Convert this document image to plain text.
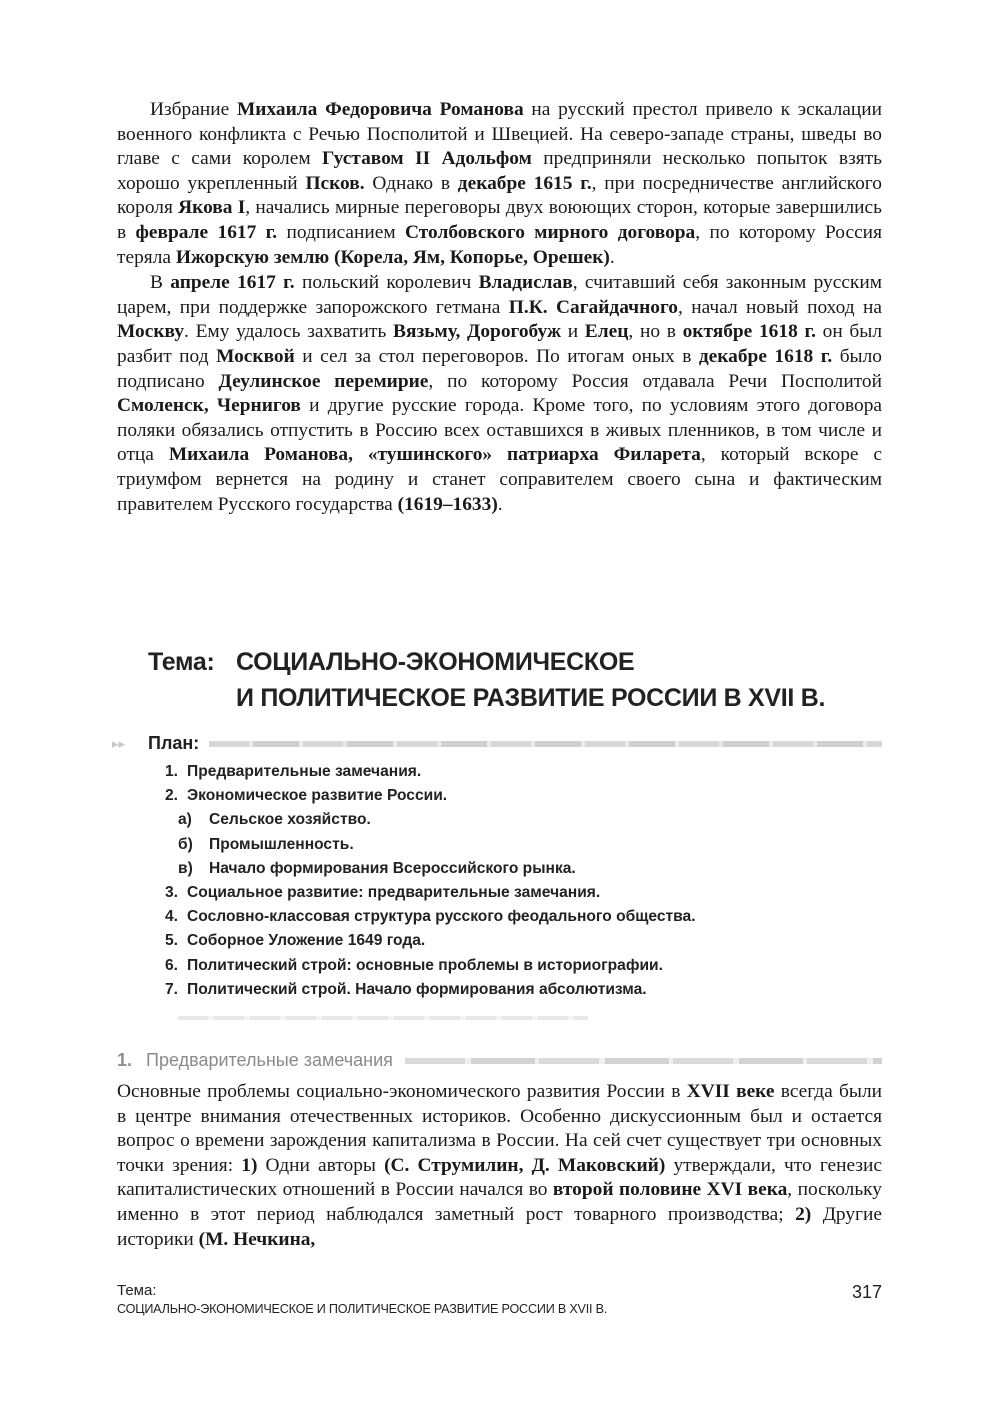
Избрание Михаила Федоровича Романова на русский престол привело к эскалации военного конфликта с Речью Посполитой и Швецией. На северо-западе страны, шведы во главе с сами королем Густавом II Адольфом предприняли несколько попыток взять хорошо укрепленный Псков. Однако в декабре 1615 г., при посредничестве английского короля Якова I, начались мирные переговоры двух воюющих сторон, которые завершились в феврале 1617 г. подписанием Столбовского мирного договора, по которому Россия теряла Ижорскую землю (Корела, Ям, Копорье, Орешек).

В апреле 1617 г. польский королевич Владислав, считавший себя законным русским царем, при поддержке запорожского гетмана П.К. Сагайдачного, начал новый поход на Москву. Ему удалось захватить Вязьму, Дорогобуж и Елец, но в октябре 1618 г. он был разбит под Москвой и сел за стол переговоров. По итогам оных в декабре 1618 г. было подписано Деулинское перемирие, по которому Россия отдавала Речи Посполитой Смоленск, Чернигов и другие русские города. Кроме того, по условиям этого договора поляки обязались отпустить в Россию всех оставшихся в живых пленников, в том числе и отца Михаила Романова, «тушинского» патриарха Филарета, который вскоре с триумфом вернется на родину и станет соправителем своего сына и фактическим правителем Русского государства (1619–1633).

Тема: СОЦИАЛЬНО-ЭКОНОМИЧЕСКОЕ
И ПОЛИТИЧЕСКОЕ РАЗВИТИЕ РОССИИ В XVII В.
▸▸	План:
1. Предварительные замечания.
2. Экономическое развитие России.
а)	Сельское хозяйство.
б)	Промышленность.
в)	Начало формирования Всероссийского рынка.
3. Социальное развитие: предварительные замечания.
4. Сословно-классовая структура русского феодального общества.
5. Соборное Уложение 1649 года.
6. Политический строй: основные проблемы в историографии.
7. Политический строй. Начало формирования абсолютизма.
1. Предварительные замечания

Основные проблемы социально-экономического развития России в XVII веке всегда были в центре внимания отечественных историков. Особенно дискуссионным был и остается вопрос о времени зарождения капитализма в России. На сей счет существует три основных точки зрения: 1) Одни авторы (С. Струмилин, Д. Маковский) утверждали, что генезис капиталистических отношений в России начался во второй половине XVI века, поскольку именно в этот период наблюдался заметный рост товарного производства; 2) Другие историки (М. Нечкина,

Тема:
СОЦИАЛЬНО-ЭКОНОМИЧЕСКОЕ И ПОЛИТИЧЕСКОЕ РАЗВИТИЕ РОССИИ В XVII В.
317
